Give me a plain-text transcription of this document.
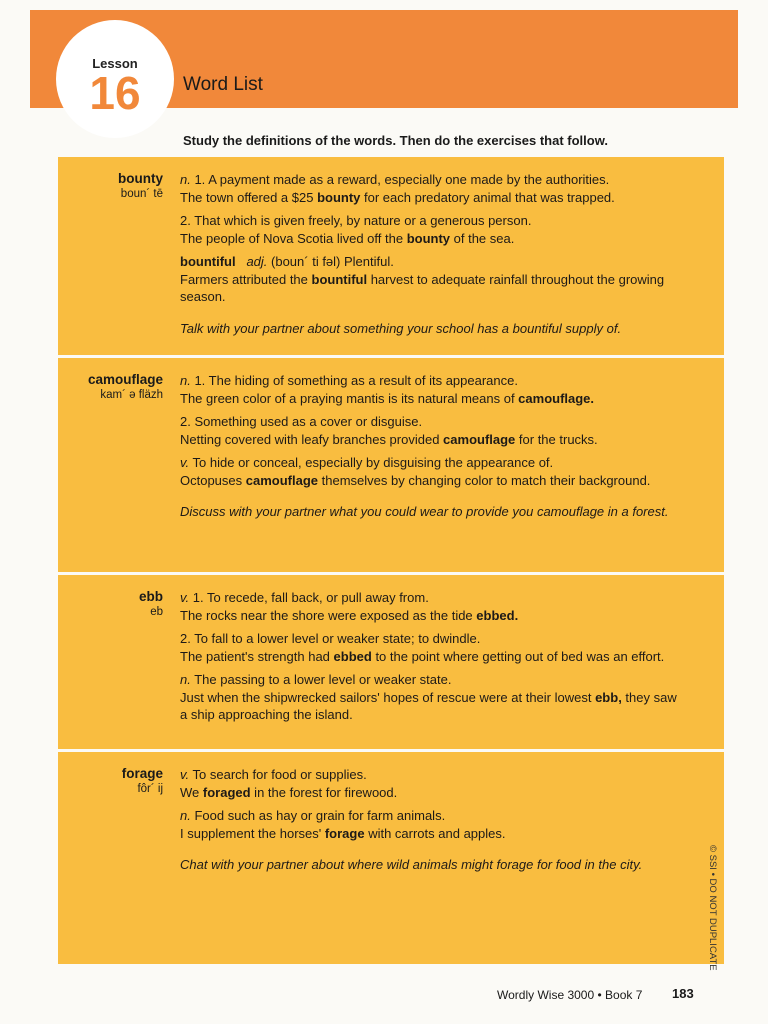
Lesson
16	Word List
Study the definitions of the words. Then do the exercises that follow.
bounty
boun´ tē

n. 1. A payment made as a reward, especially one made by the authorities.
The town offered a $25 bounty for each predatory animal that was trapped.

2. That which is given freely, by nature or a generous person.
The people of Nova Scotia lived off the bounty of the sea.

bountiful adj. (boun´ ti fəl) Plentiful.
Farmers attributed the bountiful harvest to adequate rainfall throughout the growing season.

Talk with your partner about something your school has a bountiful supply of.

camouflage
kam´ ə fläzh

n. 1. The hiding of something as a result of its appearance.
The green color of a praying mantis is its natural means of camouflage.

2. Something used as a cover or disguise.
Netting covered with leafy branches provided camouflage for the trucks.

v. To hide or conceal, especially by disguising the appearance of.
Octopuses camouflage themselves by changing color to match their background.

Discuss with your partner what you could wear to provide you camouflage in a forest.

ebb
eb

v. 1. To recede, fall back, or pull away from.
The rocks near the shore were exposed as the tide ebbed.

2. To fall to a lower level or weaker state; to dwindle.
The patient's strength had ebbed to the point where getting out of bed was an effort.

n. The passing to a lower level or weaker state.
Just when the shipwrecked sailors' hopes of rescue were at their lowest ebb, they saw a ship approaching the island.

forage
fôr´ ij

v. To search for food or supplies.
We foraged in the forest for firewood.

n. Food such as hay or grain for farm animals.
I supplement the horses' forage with carrots and apples.

Chat with your partner about where wild animals might forage for food in the city.	© SSI • DO NOT DUPLICATE
Wordly Wise 3000 • Book 7 183
